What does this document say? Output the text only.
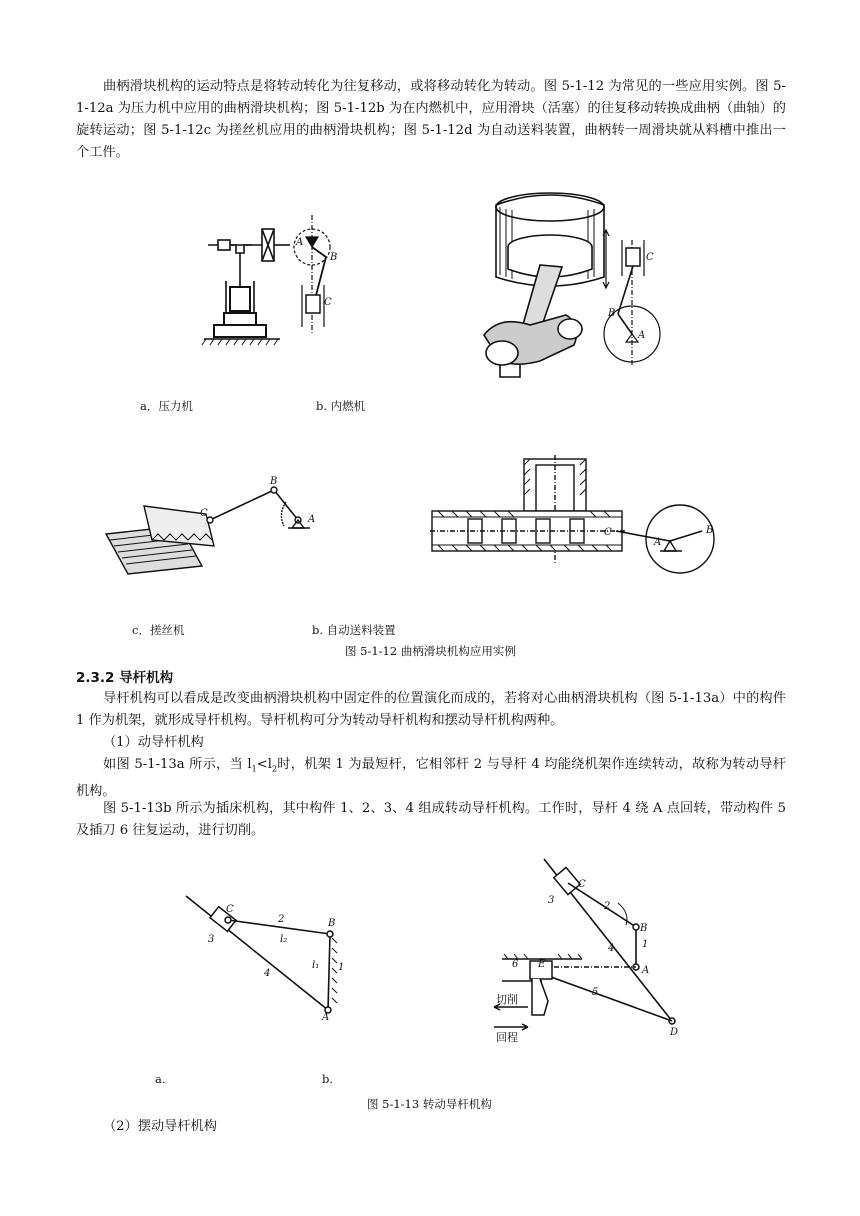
曲柄滑块机构的运动特点是将转动转化为往复移动，或将移动转化为转动。图 5-1-12 为常见的一些应用实例。图 5-1-12a 为压力机中应用的曲柄滑块机构；图 5-1-12b 为在内燃机中，应用滑块（活塞）的往复移动转换成曲柄（曲轴）的旋转运动；图 5-1-12c 为搓丝机应用的曲柄滑块机构；图 5-1-12d 为自动送料装置，曲柄转一周滑块就从料槽中推出一个工件。

A
B
C
C
B
A
a．压力机	b. 内燃机
C
B
A
C
A
B
c．搓丝机	b. 自动送料装置
图 5-1-12 曲柄滑块机构应用实例
2.3.2 导杆机构

导杆机构可以看成是改变曲柄滑块机构中固定件的位置演化而成的，若将对心曲柄滑块机构（图 5-1-13a）中的构件 1 作为机架，就形成导杆机构。导杆机构可分为转动导杆机构和摆动导杆机构两种。

（1）动导杆机构

如图 5-1-13a 所示，当 $l_1<l_2$时，机架 1 为最短杆，它相邻杆 2 与导杆 4 均能绕机架作连续转动，故称为转动导杆机构。

图 5-1-13b 所示为插床机构，其中构件 1、2、3、4 组成转动导杆机构。工作时，导杆 4 绕 A 点回转，带动构件 5 及插刀 6 往复运动，进行切削。

C
B
3
2
l₂
l₁ 1
4
A
C
3
2
B
1
4
A
5
6 E
D
切削
回程
a.	b.
图 5-1-13 转动导杆机构

（2）摆动导杆机构
